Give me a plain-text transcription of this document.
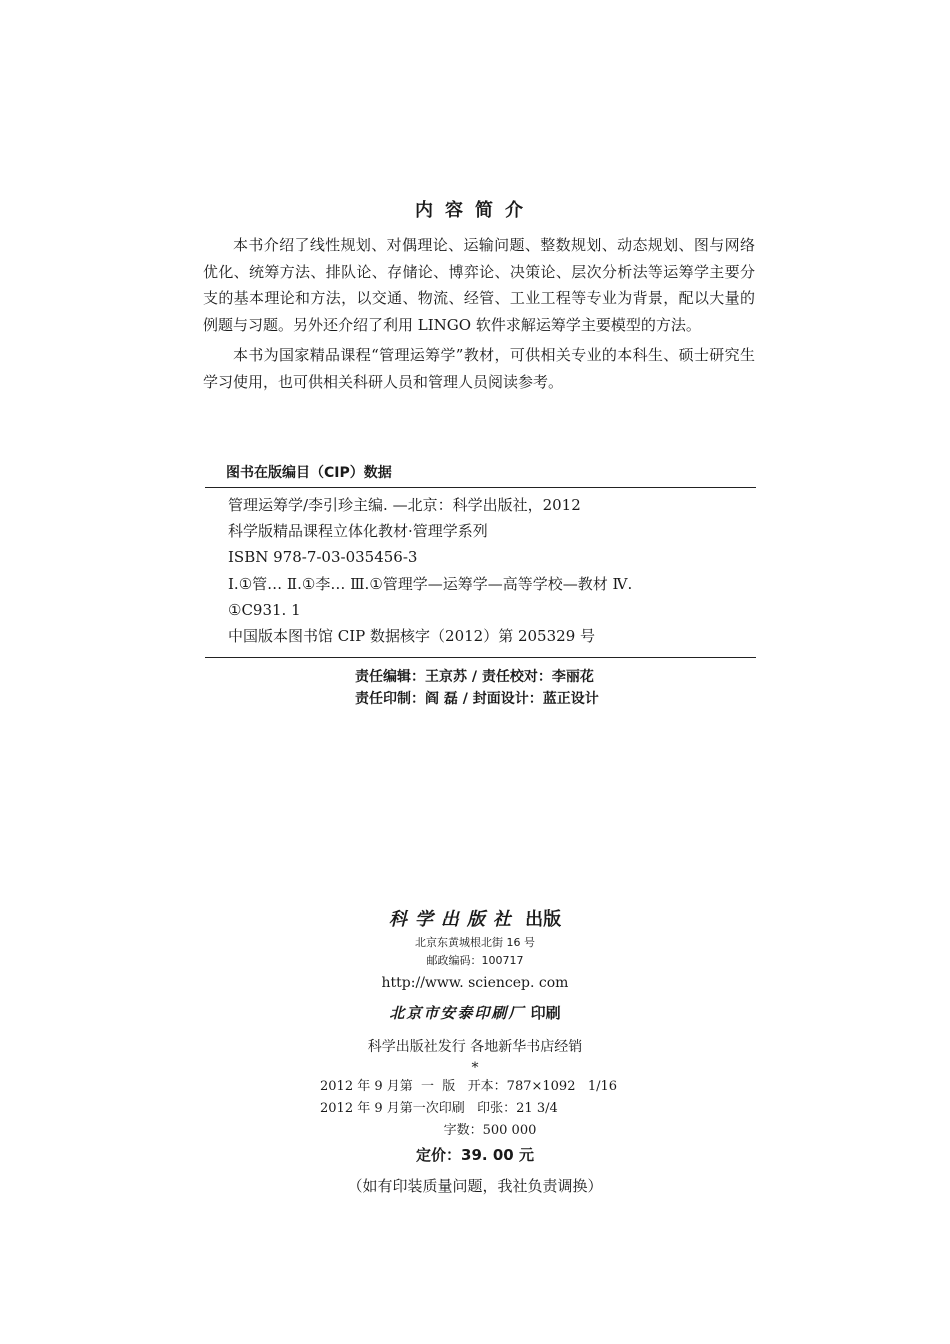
内容简介

本书介绍了线性规划、对偶理论、运输问题、整数规划、动态规划、图与网络优化、统筹方法、排队论、存储论、博弈论、决策论、层次分析法等运筹学主要分支的基本理论和方法，以交通、物流、经管、工业工程等专业为背景，配以大量的例题与习题。另外还介绍了利用 LINGO 软件求解运筹学主要模型的方法。

本书为国家精品课程“管理运筹学”教材，可供相关专业的本科生、硕士研究生学习使用，也可供相关科研人员和管理人员阅读参考。

图书在版编目（CIP）数据
管理运筹学/李引珍主编. —北京：科学出版社，2012
科学版精品课程立体化教材·管理学系列
ISBN 978-7-03-035456-3
Ⅰ.①管… Ⅱ.①李… Ⅲ.①管理学—运筹学—高等学校—教材 Ⅳ.
①C931. 1
中国版本图书馆 CIP 数据核字（2012）第 205329 号
责任编辑：王京苏 / 责任校对：李丽花
责任印制：阎 磊 / 封面设计：蓝正设计
科学出版社 出版
北京东黄城根北街 16 号
邮政编码：100717
http://www. sciencep. com
北京市安泰印刷厂 印刷
科学出版社发行 各地新华书店经销
*
2012 年 9 月第  一  版   开本：787×1092   1/16
2012 年 9 月第一次印刷   印张：21 3/4
字数：500 000
定价：39. 00 元
（如有印装质量问题，我社负责调换）
